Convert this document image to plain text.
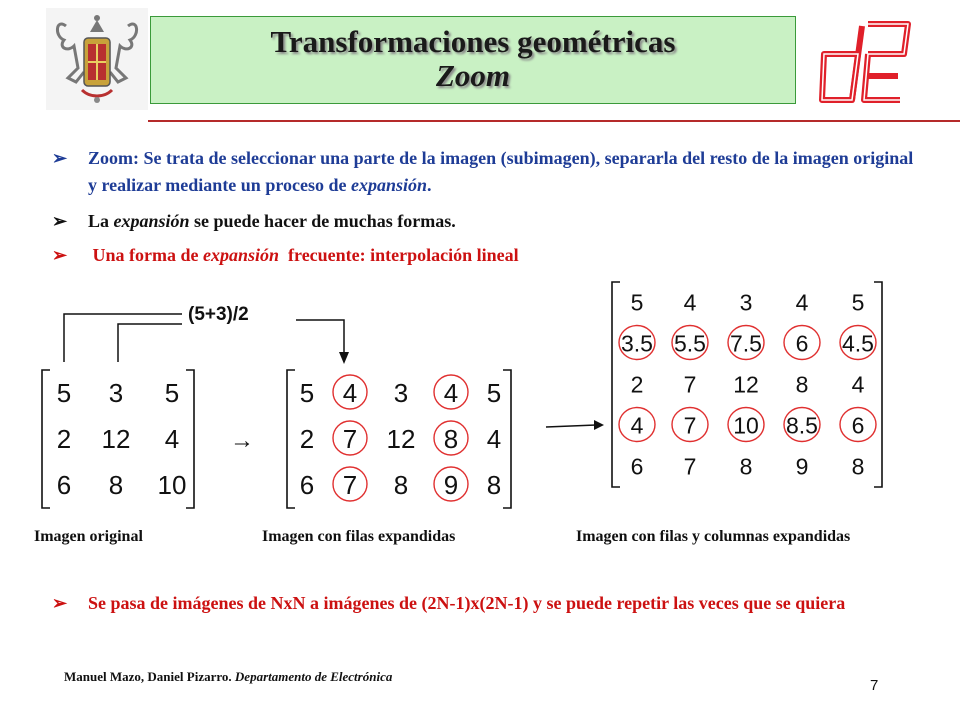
Transformaciones geométricas
Zoom
➢ Zoom: Se trata de seleccionar una parte de la imagen (subimagen), separarla del resto de la imagen original y realizar mediante un proceso de expansión.
➢ La expansión se puede hacer de muchas formas.
➢ Una forma de expansión  frecuente: interpolación lineal
(5+3)/2
→
5 3 5
2 12 4
6 8 10
5 4 3 4 5
2 7 12 8 4
6 7 8 9 8
5 4 3 4 5
3.5 5.5 7.5 6 4.5
2 7 12 8 4
4 7 10 8.5 6
6 7 8 9 8
Imagen original	Imagen con filas expandidas	Imagen con filas y columnas expandidas
➢ Se pasa de imágenes de NxN a imágenes de (2N-1)x(2N-1) y se puede repetir las veces que se quiera
Manuel Mazo, Daniel Pizarro. Departamento de Electrónica
7
